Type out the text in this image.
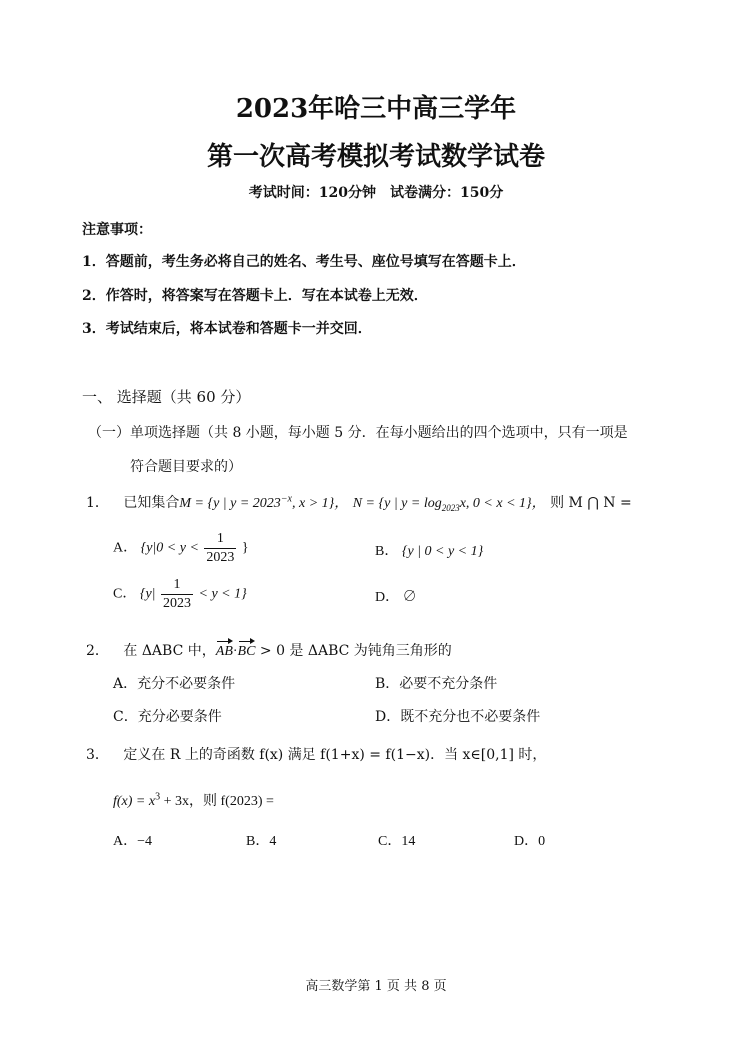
2023年哈三中高三学年
第一次高考模拟考试数学试卷
考试时间：120分钟　试卷满分：150分
注意事项：
1．答题前，考生务必将自己的姓名、考生号、座位号填写在答题卡上．
2．作答时，将答案写在答题卡上．写在本试卷上无效．
3．考试结束后，将本试卷和答题卡一并交回．
一、 选择题（共 60 分）
（一）单项选择题（共 8 小题，每小题 5 分．在每小题给出的四个选项中，只有一项是
符合题目要求的）
1． 已知集合M = {y | $y = 2023^{-x}$, x > 1}， N = {y | $y = \log_{2023}x$, 0 < x < 1}， 则 M ⋂ N =
A． {$y|0 < y < \frac{1}{2023}$ }	B． {y | 0 < y < 1}
C． $\{y| \frac{1}{2023} < y < 1\}$	D． ∅
2． 在 ΔABC 中，AB·BC > 0 是 ΔABC 为钝角三角形的
A．充分不必要条件	B．必要不充分条件
C．充分必要条件	D．既不充分也不必要条件
3． 定义在 R 上的奇函数 f(x) 满足 f(1+x) = f(1−x)．当 x∈[0,1] 时，
$f(x) = x^3 + 3x$，则 f(2023) =
A．−4	B．4	C．14	D．0
高三数学第 1 页 共 8 页
